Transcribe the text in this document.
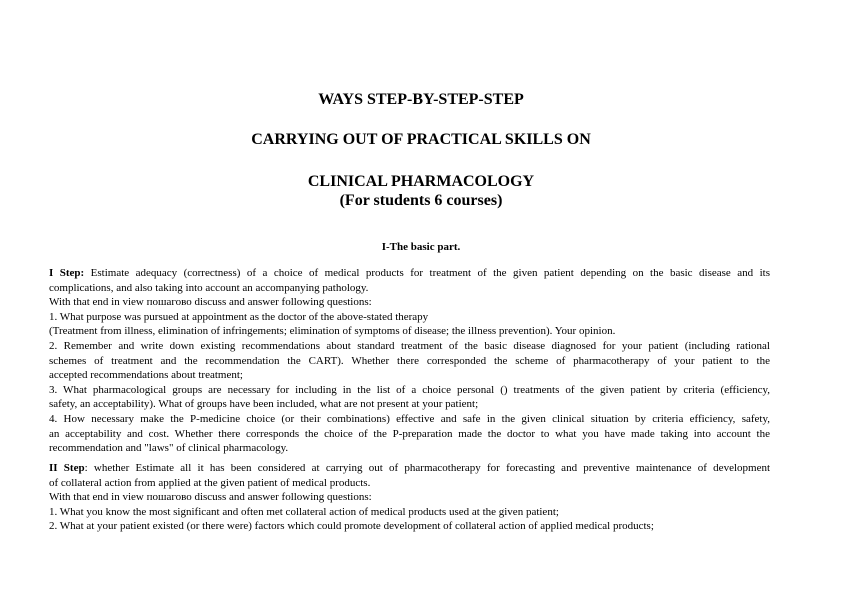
WAYS STEP-BY-STEP-STEP
CARRYING OUT OF PRACTICAL SKILLS ON
CLINICAL PHARMACOLOGY
(For students 6 courses)
I-The basic part.
I Step: Estimate adequacy (correctness) of a choice of medical products for treatment of the given patient depending on the basic disease and its
complications, and also taking into account an accompanying pathology.
With that end in view пошагово discuss and answer following questions:
1. What purpose was pursued at appointment as the doctor of the above-stated therapy
(Treatment from illness, elimination of infringements; elimination of symptoms of disease; the illness prevention). Your opinion.
2. Remember and write down existing recommendations about standard treatment of the basic disease diagnosed for your patient (including rational
schemes of treatment and the recommendation the CART). Whether there corresponded the scheme of pharmacotherapy of your patient to the
accepted recommendations about treatment;
3. What pharmacological groups are necessary for including in the list of a choice personal () treatments of the given patient by criteria (efficiency,
safety, an acceptability). What of groups have been included, what are not present at your patient;
4. How necessary make the P-medicine choice (or their combinations) effective and safe in the given clinical situation by criteria efficiency, safety,
an acceptability and cost. Whether there corresponds the choice of the P-preparation made the doctor to what you have made taking into account the
recommendation and "laws" of clinical pharmacology.
II Step: whether Estimate all it has been considered at carrying out of pharmacotherapy for forecasting and preventive maintenance of development
of collateral action from applied at the given patient of medical products.
With that end in view пошагово discuss and answer following questions:
1. What you know the most significant and often met collateral action of medical products used at the given patient;
2. What at your patient existed (or there were) factors which could promote development of collateral action of applied medical products;
